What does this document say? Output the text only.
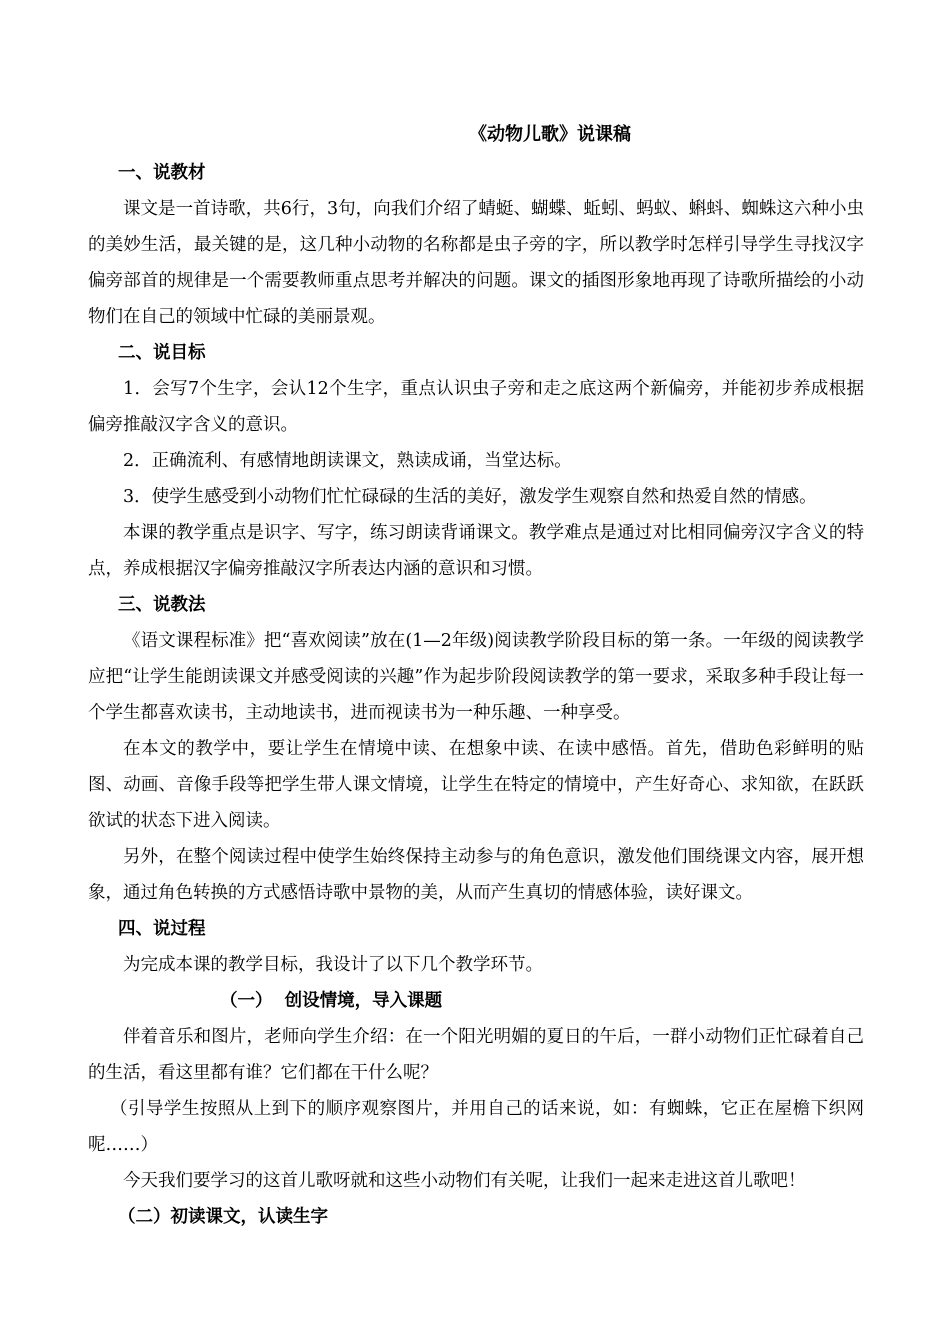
《动物儿歌》说课稿

一、说教材

课文是一首诗歌，共6行，3句，向我们介绍了蜻蜓、蝴蝶、蚯蚓、蚂蚁、蝌蚪、蜘蛛这六种小虫的美妙生活，最关键的是，这几种小动物的名称都是虫子旁的字，所以教学时怎样引导学生寻找汉字偏旁部首的规律是一个需要教师重点思考并解决的问题。课文的插图形象地再现了诗歌所描绘的小动物们在自己的领域中忙碌的美丽景观。

二、说目标

1．会写7个生字，会认12个生字，重点认识虫子旁和走之底这两个新偏旁，并能初步养成根据偏旁推敲汉字含义的意识。

2．正确流利、有感情地朗读课文，熟读成诵，当堂达标。

3．使学生感受到小动物们忙忙碌碌的生活的美好，激发学生观察自然和热爱自然的情感。

本课的教学重点是识字、写字，练习朗读背诵课文。教学难点是通过对比相同偏旁汉字含义的特点，养成根据汉字偏旁推敲汉字所表达内涵的意识和习惯。

三、说教法

《语文课程标准》把“喜欢阅读”放在(1—2年级)阅读教学阶段目标的第一条。一年级的阅读教学应把“让学生能朗读课文并感受阅读的兴趣”作为起步阶段阅读教学的第一要求，采取多种手段让每一个学生都喜欢读书，主动地读书，进而视读书为一种乐趣、一种享受。

在本文的教学中，要让学生在情境中读、在想象中读、在读中感悟。首先，借助色彩鲜明的贴图、动画、音像手段等把学生带人课文情境，让学生在特定的情境中，产生好奇心、求知欲，在跃跃欲试的状态下进入阅读。

另外，在整个阅读过程中使学生始终保持主动参与的角色意识，激发他们围绕课文内容，展开想象，通过角色转换的方式感悟诗歌中景物的美，从而产生真切的情感体验，读好课文。

四、说过程

为完成本课的教学目标，我设计了以下几个教学环节。

（一）  创设情境，导入课题

伴着音乐和图片，老师向学生介绍：在一个阳光明媚的夏日的午后，一群小动物们正忙碌着自己的生活，看这里都有谁？它们都在干什么呢？

（引导学生按照从上到下的顺序观察图片，并用自己的话来说，如：有蜘蛛，它正在屋檐下织网呢……）

今天我们要学习的这首儿歌呀就和这些小动物们有关呢，让我们一起来走进这首儿歌吧！

（二）初读课文，认读生字
